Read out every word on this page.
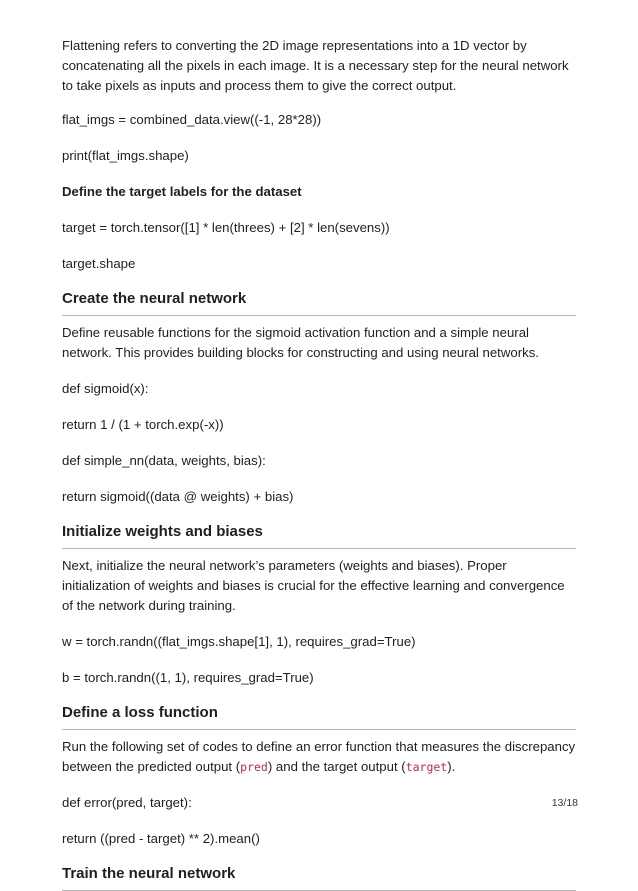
Flattening refers to converting the 2D image representations into a 1D vector by concatenating all the pixels in each image. It is a necessary step for the neural network to take pixels as inputs and process them to give the correct output.

flat_imgs = combined_data.view((-1, 28*28))

print(flat_imgs.shape)

Define the target labels for the dataset

target = torch.tensor([1] * len(threes) + [2] * len(sevens))

target.shape

Create the neural network

Define reusable functions for the sigmoid activation function and a simple neural network. This provides building blocks for constructing and using neural networks.

def sigmoid(x):

return 1 / (1 + torch.exp(-x))

def simple_nn(data, weights, bias):

return sigmoid((data @ weights) + bias)

Initialize weights and biases

Next, initialize the neural network’s parameters (weights and biases). Proper initialization of weights and biases is crucial for the effective learning and convergence of the network during training.

w = torch.randn((flat_imgs.shape[1], 1), requires_grad=True)

b = torch.randn((1, 1), requires_grad=True)

Define a loss function

Run the following set of codes to define an error function that measures the discrepancy between the predicted output (pred) and the target output (target).

def error(pred, target):

return ((pred - target) ** 2).mean()

Train the neural network
13/18
